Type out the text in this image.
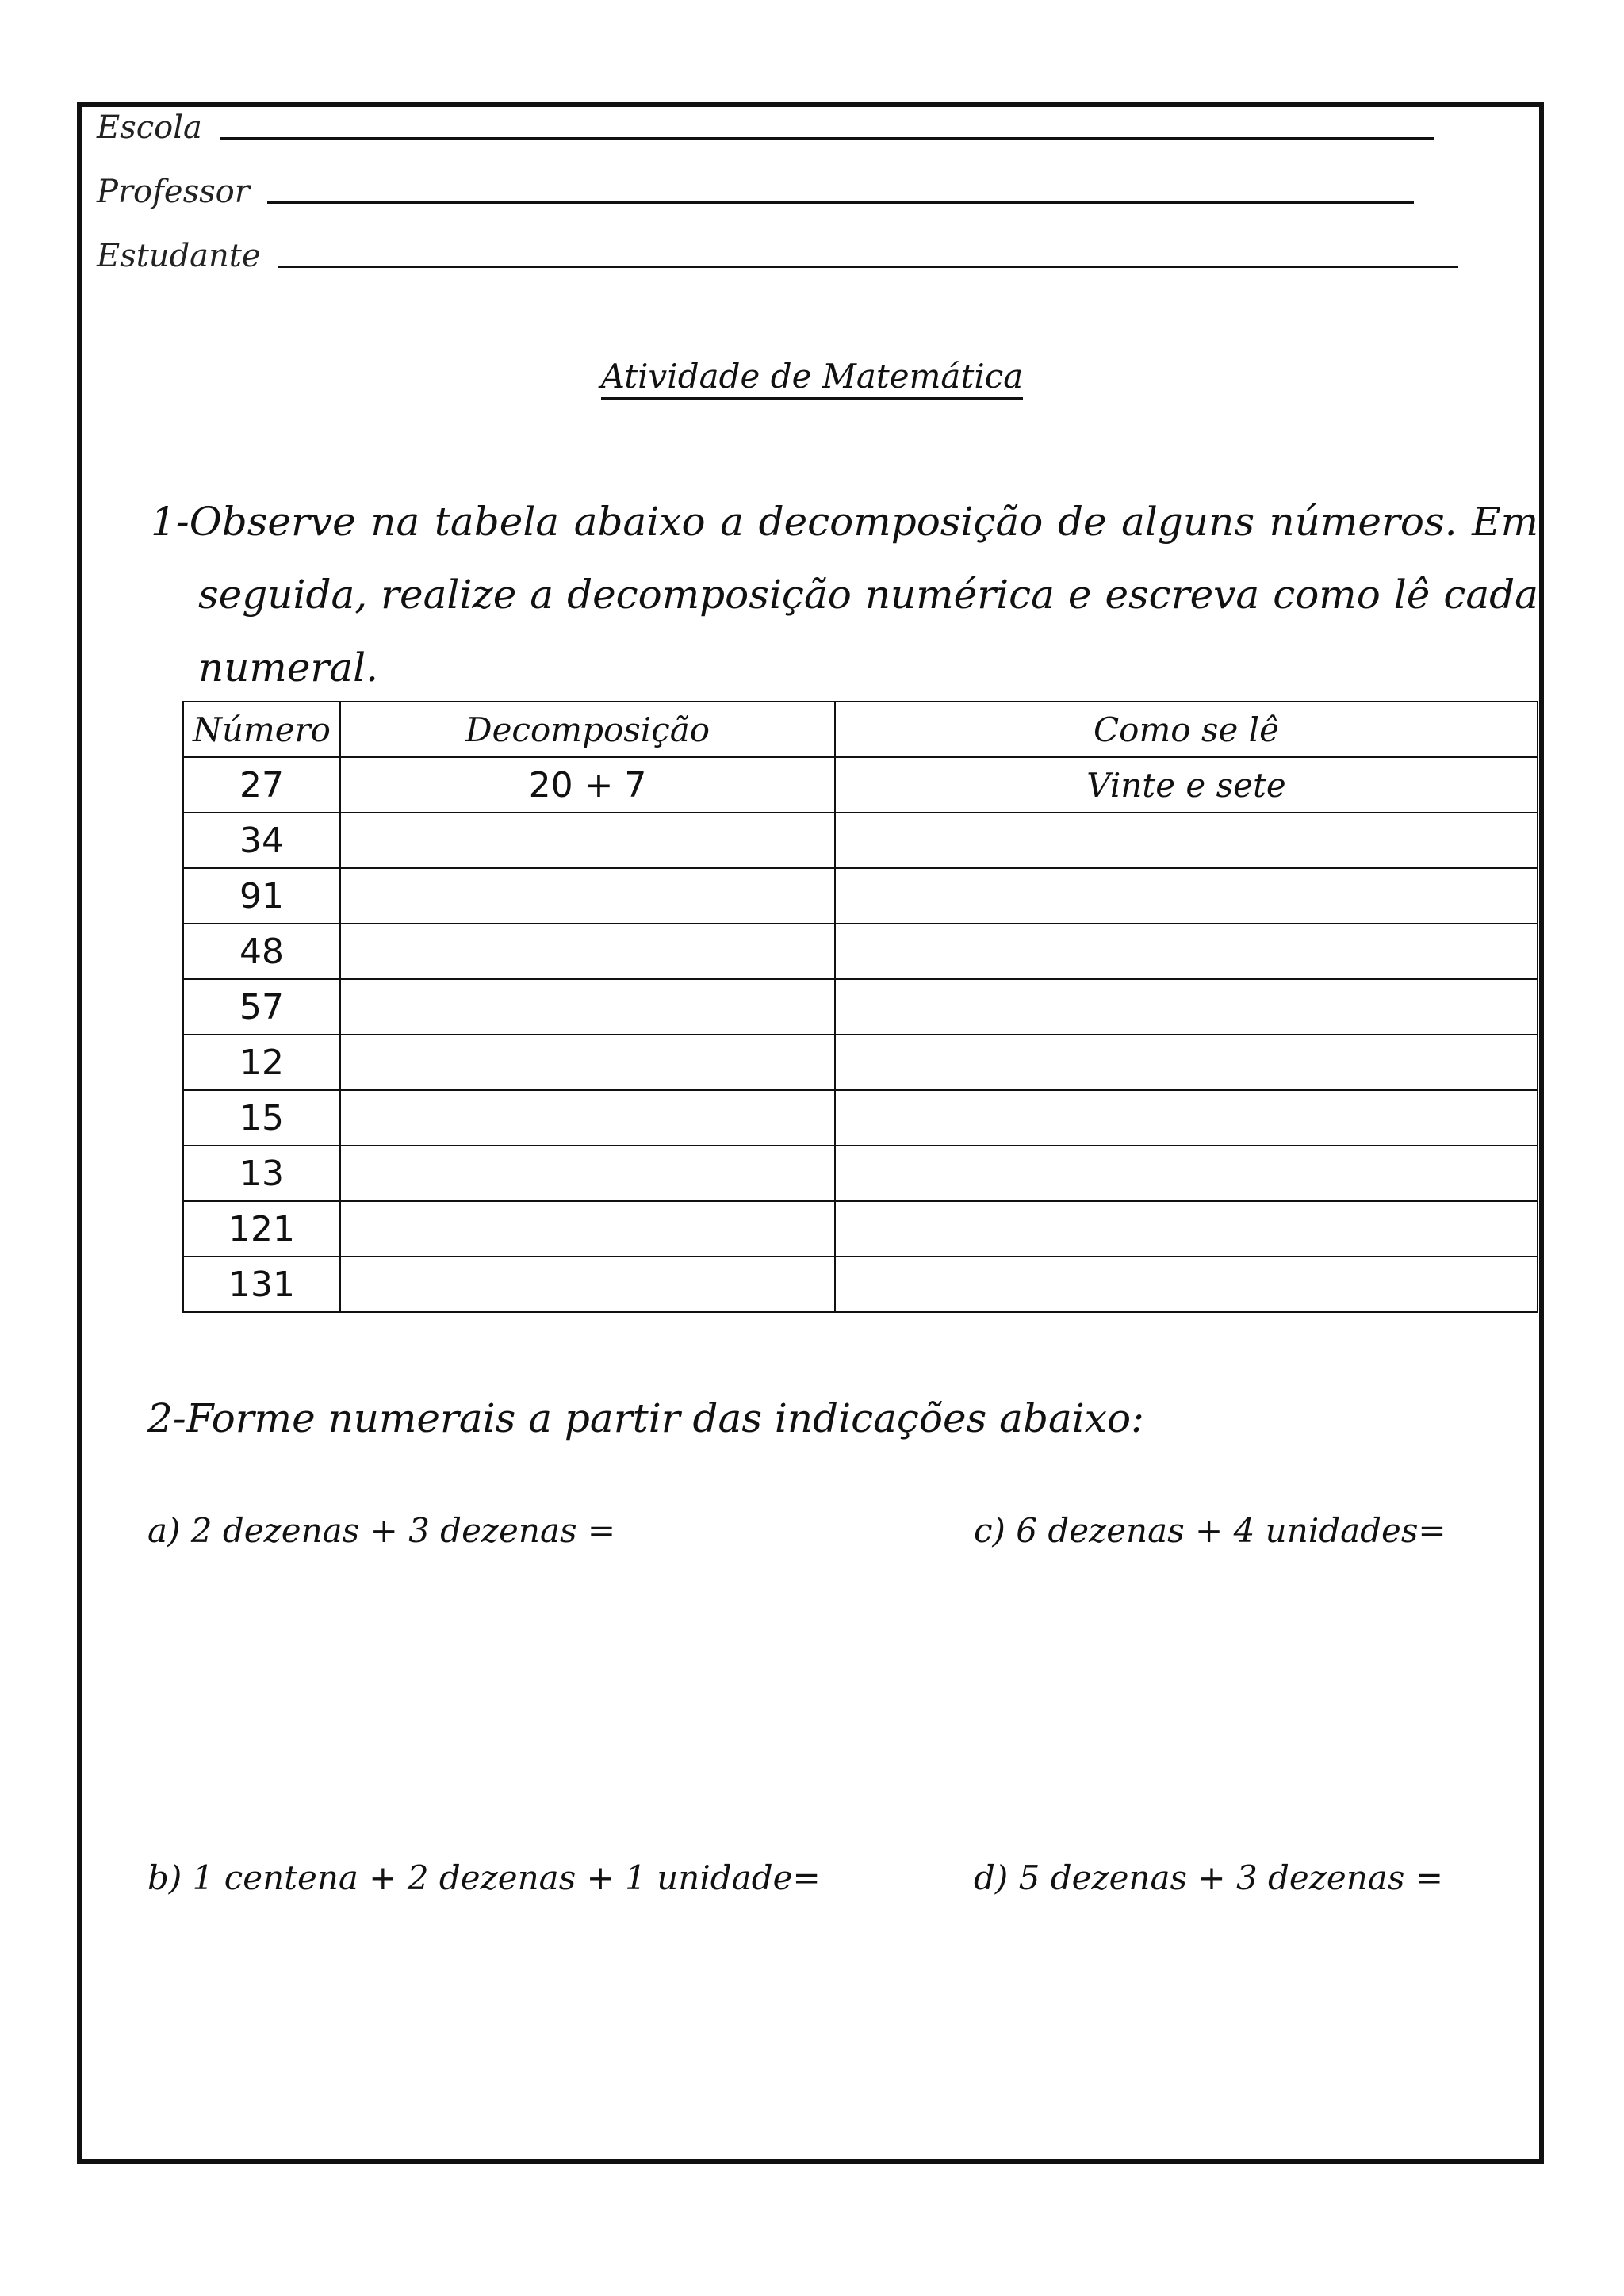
Escola
Professor
Estudante
Atividade de Matemática
1-Observe na tabela abaixo a decomposição de alguns números. Em
seguida, realize a decomposição numérica e escreva como lê cada
numeral.
Número	Decomposição	Como se lê
27	20 + 7	Vinte e sete
34		
91		
48		
57		
12		
15		
13		
121		
131		
2-Forme numerais a partir das indicações abaixo:
a) 2 dezenas + 3 dezenas =	c) 6 dezenas + 4 unidades=
b) 1 centena + 2 dezenas + 1 unidade=	d) 5 dezenas + 3 dezenas =
